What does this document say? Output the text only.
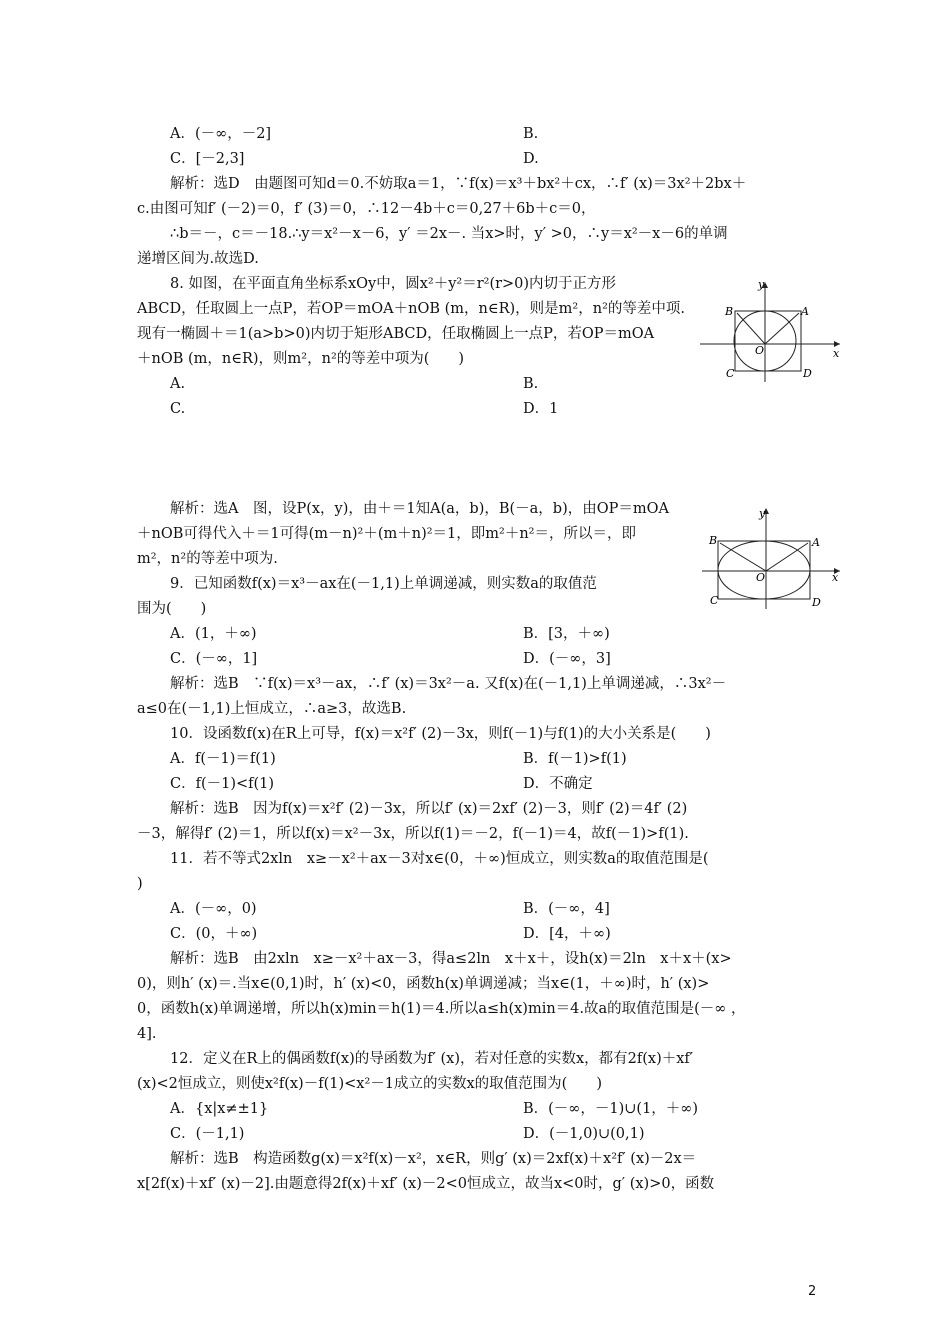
A．(－∞，－2]	B.
C．[－2,3]	D.
解析：选D　由题图可知d＝0.不妨取a＝1，∵f(x)＝x³＋bx²＋cx，∴f′ (x)＝3x²＋2bx＋
c.由图可知f′ (－2)＝0，f′ (3)＝0，∴12－4b＋c＝0,27＋6b＋c＝0，
∴b＝－，c＝－18.∴y＝x²－x－6，y′ ＝2x－. 当x>时，y′ >0，∴y＝x²－x－6的单调
递增区间为.故选D.
8. 如图，在平面直角坐标系xOy中，圆x²＋y²＝r²(r>0)内切于正方形
ABCD，任取圆上一点P，若OP＝mOA＋nOB (m，n∈R)，则是m²，n²的等差中项.
现有一椭圆＋＝1(a>b>0)内切于矩形ABCD，任取椭圆上一点P，若OP＝mOA
＋nOB (m，n∈R)，则m²，n²的等差中项为(　　)
A.	B.
C.	D．1
解析：选A　图，设P(x，y)，由＋＝1知A(a，b)，B(－a，b)，由OP＝mOA
＋nOB可得代入＋＝1可得(m－n)²＋(m＋n)²＝1，即m²＋n²＝，所以＝，即
m²，n²的等差中项为.
9．已知函数f(x)＝x³－ax在(－1,1)上单调递减，则实数a的取值范
围为(　　)
A．(1，＋∞)	B．[3，＋∞)
C．(－∞，1]	D．(－∞，3]
解析：选B　∵f(x)＝x³－ax，∴f′ (x)＝3x²－a. 又f(x)在(－1,1)上单调递减，∴3x²－
a≤0在(－1,1)上恒成立，∴a≥3，故选B.
10．设函数f(x)在R上可导，f(x)＝x²f′ (2)－3x，则f(－1)与f(1)的大小关系是(　　)
A．f(－1)＝f(1)	B．f(－1)>f(1)
C．f(－1)<f(1)	D．不确定
解析：选B　因为f(x)＝x²f′ (2)－3x，所以f′ (x)＝2xf′ (2)－3，则f′ (2)＝4f′ (2)
－3，解得f′ (2)＝1，所以f(x)＝x²－3x，所以f(1)＝－2，f(－1)＝4，故f(－1)>f(1).
11．若不等式2xln　x≥－x²＋ax－3对x∈(0，＋∞)恒成立，则实数a的取值范围是(
)
A．(－∞，0)	B．(－∞，4]
C．(0，＋∞)	D．[4，＋∞)
解析：选B　由2xln　x≥－x²＋ax－3，得a≤2ln　x＋x＋，设h(x)＝2ln　x＋x＋(x>
0)，则h′ (x)＝.当x∈(0,1)时，h′ (x)<0，函数h(x)单调递减；当x∈(1，＋∞)时，h′ (x)>
0，函数h(x)单调递增，所以h(x)min＝h(1)＝4.所以a≤h(x)min＝4.故a的取值范围是(－∞ ，
4].
12．定义在R上的偶函数f(x)的导函数为f′ (x)，若对任意的实数x，都有2f(x)＋xf′
(x)<2恒成立，则使x²f(x)－f(1)<x²－1成立的实数x的取值范围为(　　)
A．{x|x≠±1}	B．(－∞，－1)∪(1，＋∞)
C．(－1,1)	D．(－1,0)∪(0,1)
解析：选B　构造函数g(x)＝x²f(x)－x²，x∈R，则g′ (x)＝2xf(x)＋x²f′ (x)－2x＝
x[2f(x)＋xf′ (x)－2].由题意得2f(x)＋xf′ (x)－2<0恒成立，故当x<0时，g′ (x)>0，函数
y
x
A
B
C	D
O
y
x
A
B
C	D
O
2
